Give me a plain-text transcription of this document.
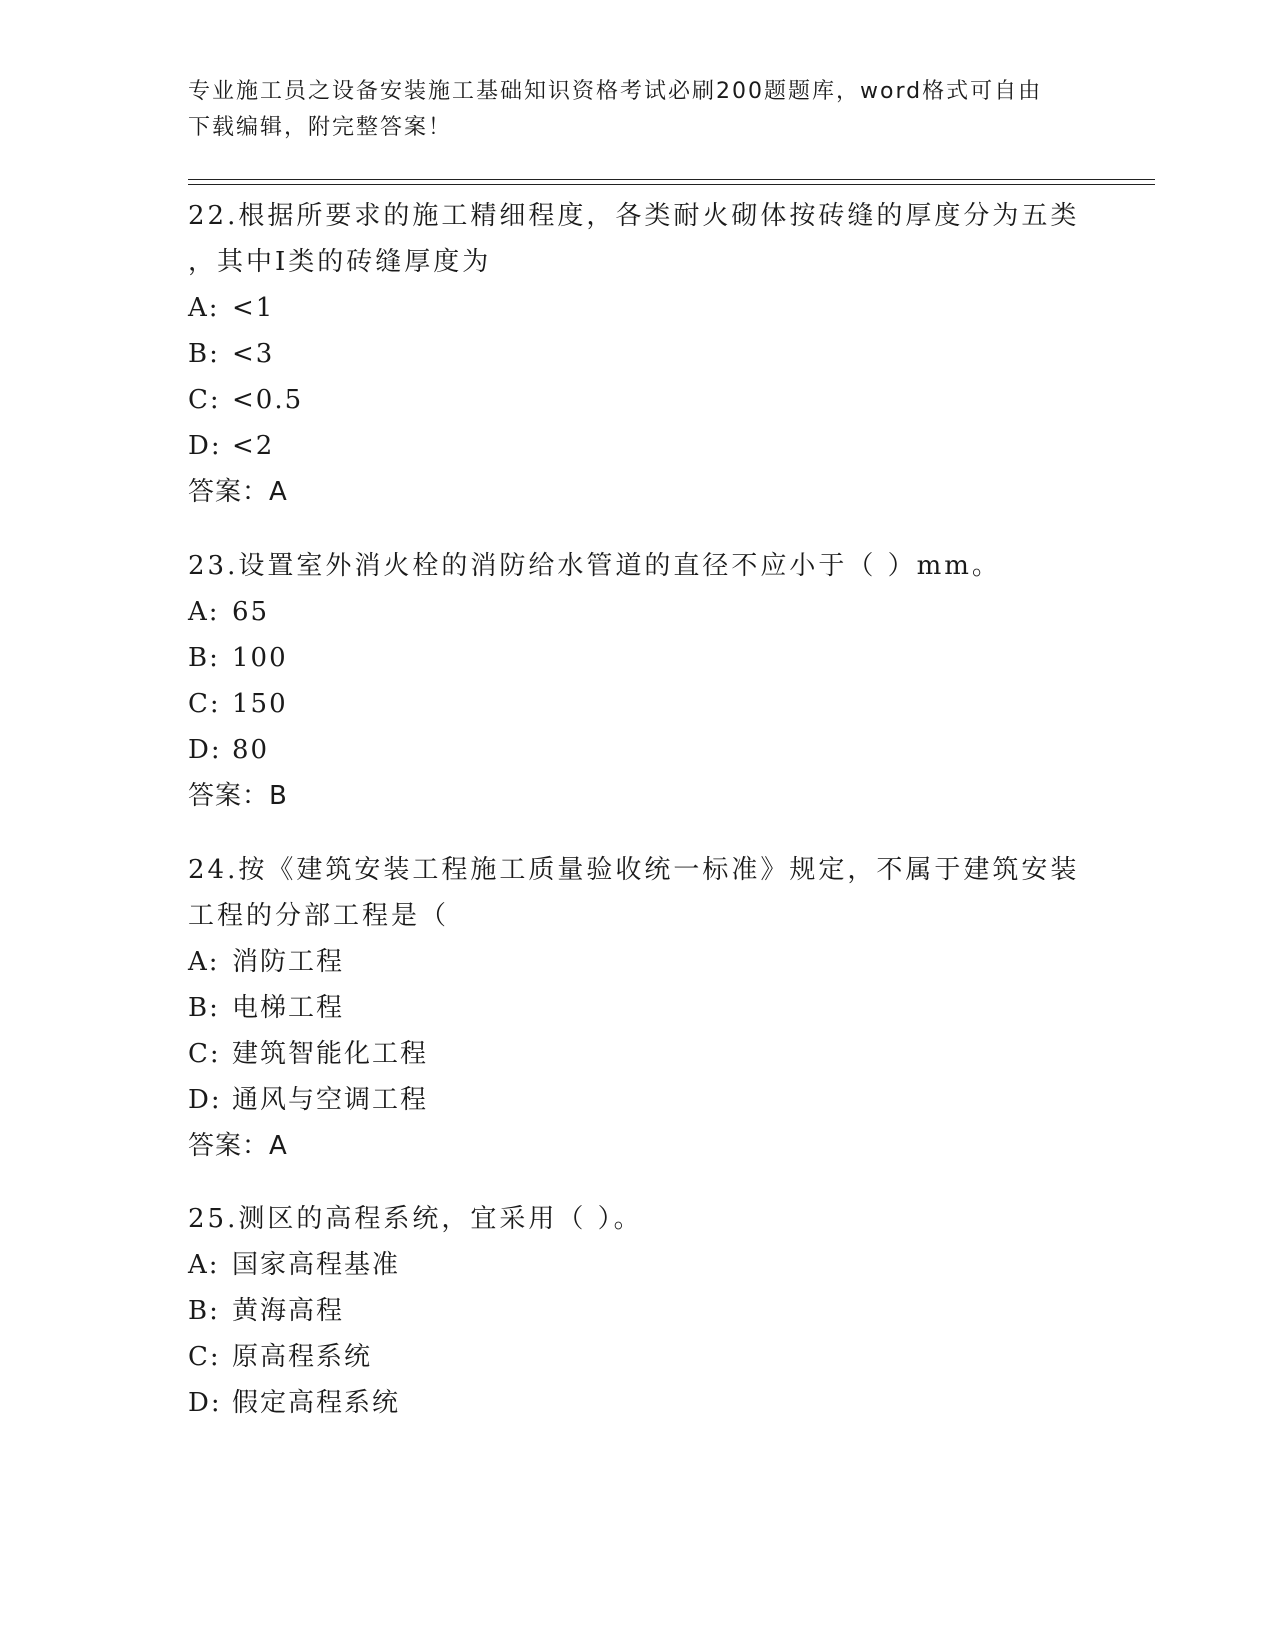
专业施工员之设备安装施工基础知识资格考试必刷200题题库，word格式可自由
下载编辑，附完整答案！
22.根据所要求的施工精细程度，各类耐火砌体按砖缝的厚度分为五类
，其中Ⅰ类的砖缝厚度为
A: <1
B: <3
C: <0.5
D: <2
答案：A
23.设置室外消火栓的消防给水管道的直径不应小于（ ）mm。
A: 65
B: 100
C: 150
D: 80
答案：B
24.按《建筑安装工程施工质量验收统一标准》规定，不属于建筑安装
工程的分部工程是（
A: 消防工程
B: 电梯工程
C: 建筑智能化工程
D: 通风与空调工程
答案：A
25.测区的高程系统，宜采用（ ）。
A: 国家高程基准
B: 黄海高程
C: 原高程系统
D: 假定高程系统
